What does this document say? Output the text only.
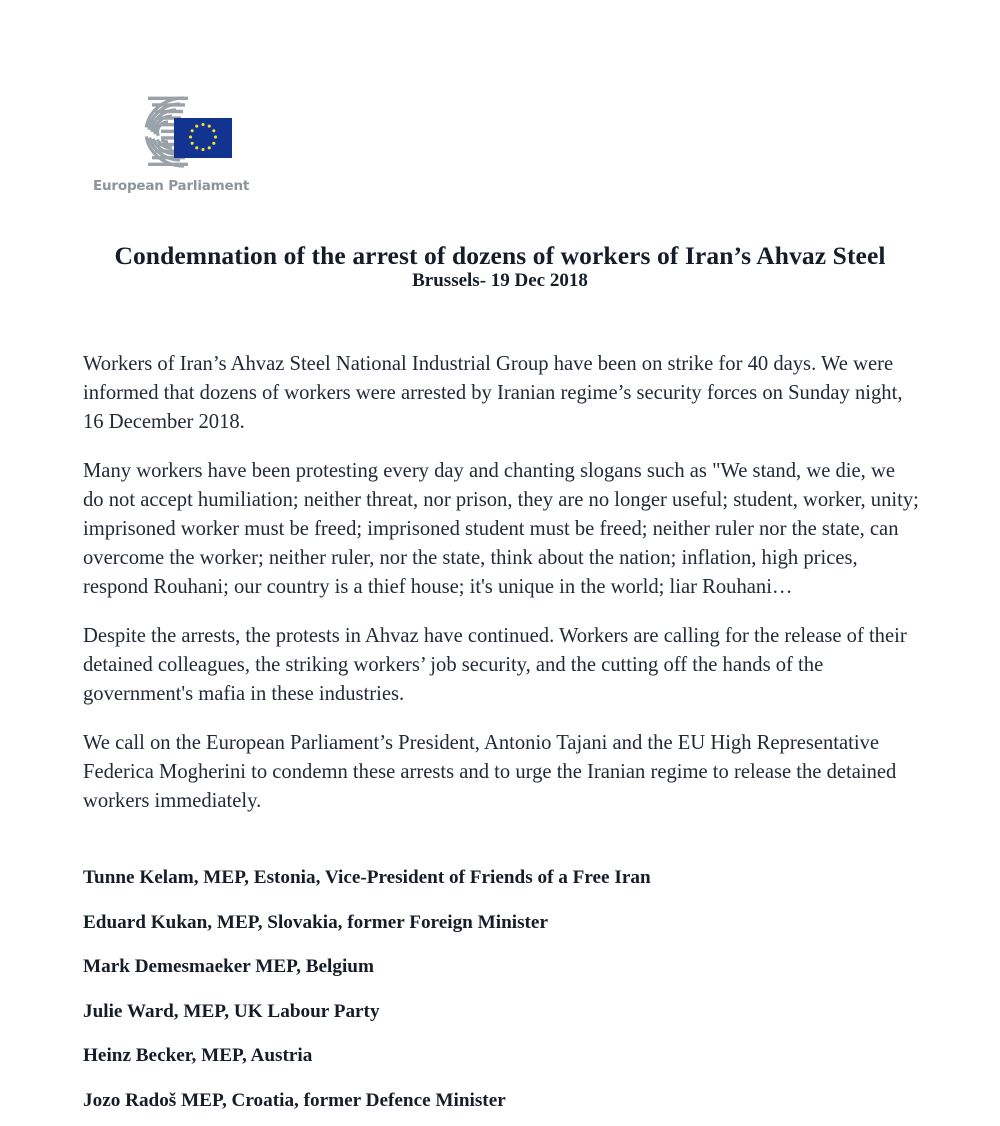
European Parliament
Condemnation of the arrest of dozens of workers of Iran’s Ahvaz Steel
Brussels- 19 Dec 2018

Workers of Iran’s Ahvaz Steel National Industrial Group have been on strike for 40 days. We were informed that dozens of workers were arrested by Iranian regime’s security forces on Sunday night, 16 December 2018.

Many workers have been protesting every day and chanting slogans such as "We stand, we die, we do not accept humiliation; neither threat, nor prison, they are no longer useful; student, worker, unity; imprisoned worker must be freed; imprisoned student must be freed; neither ruler nor the state, can overcome the worker; neither ruler, nor the state, think about the nation; inflation, high prices, respond Rouhani; our country is a thief house; it's unique in the world; liar Rouhani…

Despite the arrests, the protests in Ahvaz have continued. Workers are calling for the release of their detained colleagues, the striking workers’ job security, and the cutting off the hands of the government's mafia in these industries.

We call on the European Parliament’s President, Antonio Tajani and the EU High Representative Federica Mogherini to condemn these arrests and to urge the Iranian regime to release the detained workers immediately.

Tunne Kelam, MEP, Estonia, Vice-President of Friends of a Free Iran
Eduard Kukan, MEP, Slovakia, former Foreign Minister
Mark Demesmaeker MEP, Belgium
Julie Ward, MEP, UK Labour Party
Heinz Becker, MEP, Austria
Jozo Radoš MEP, Croatia, former Defence Minister
